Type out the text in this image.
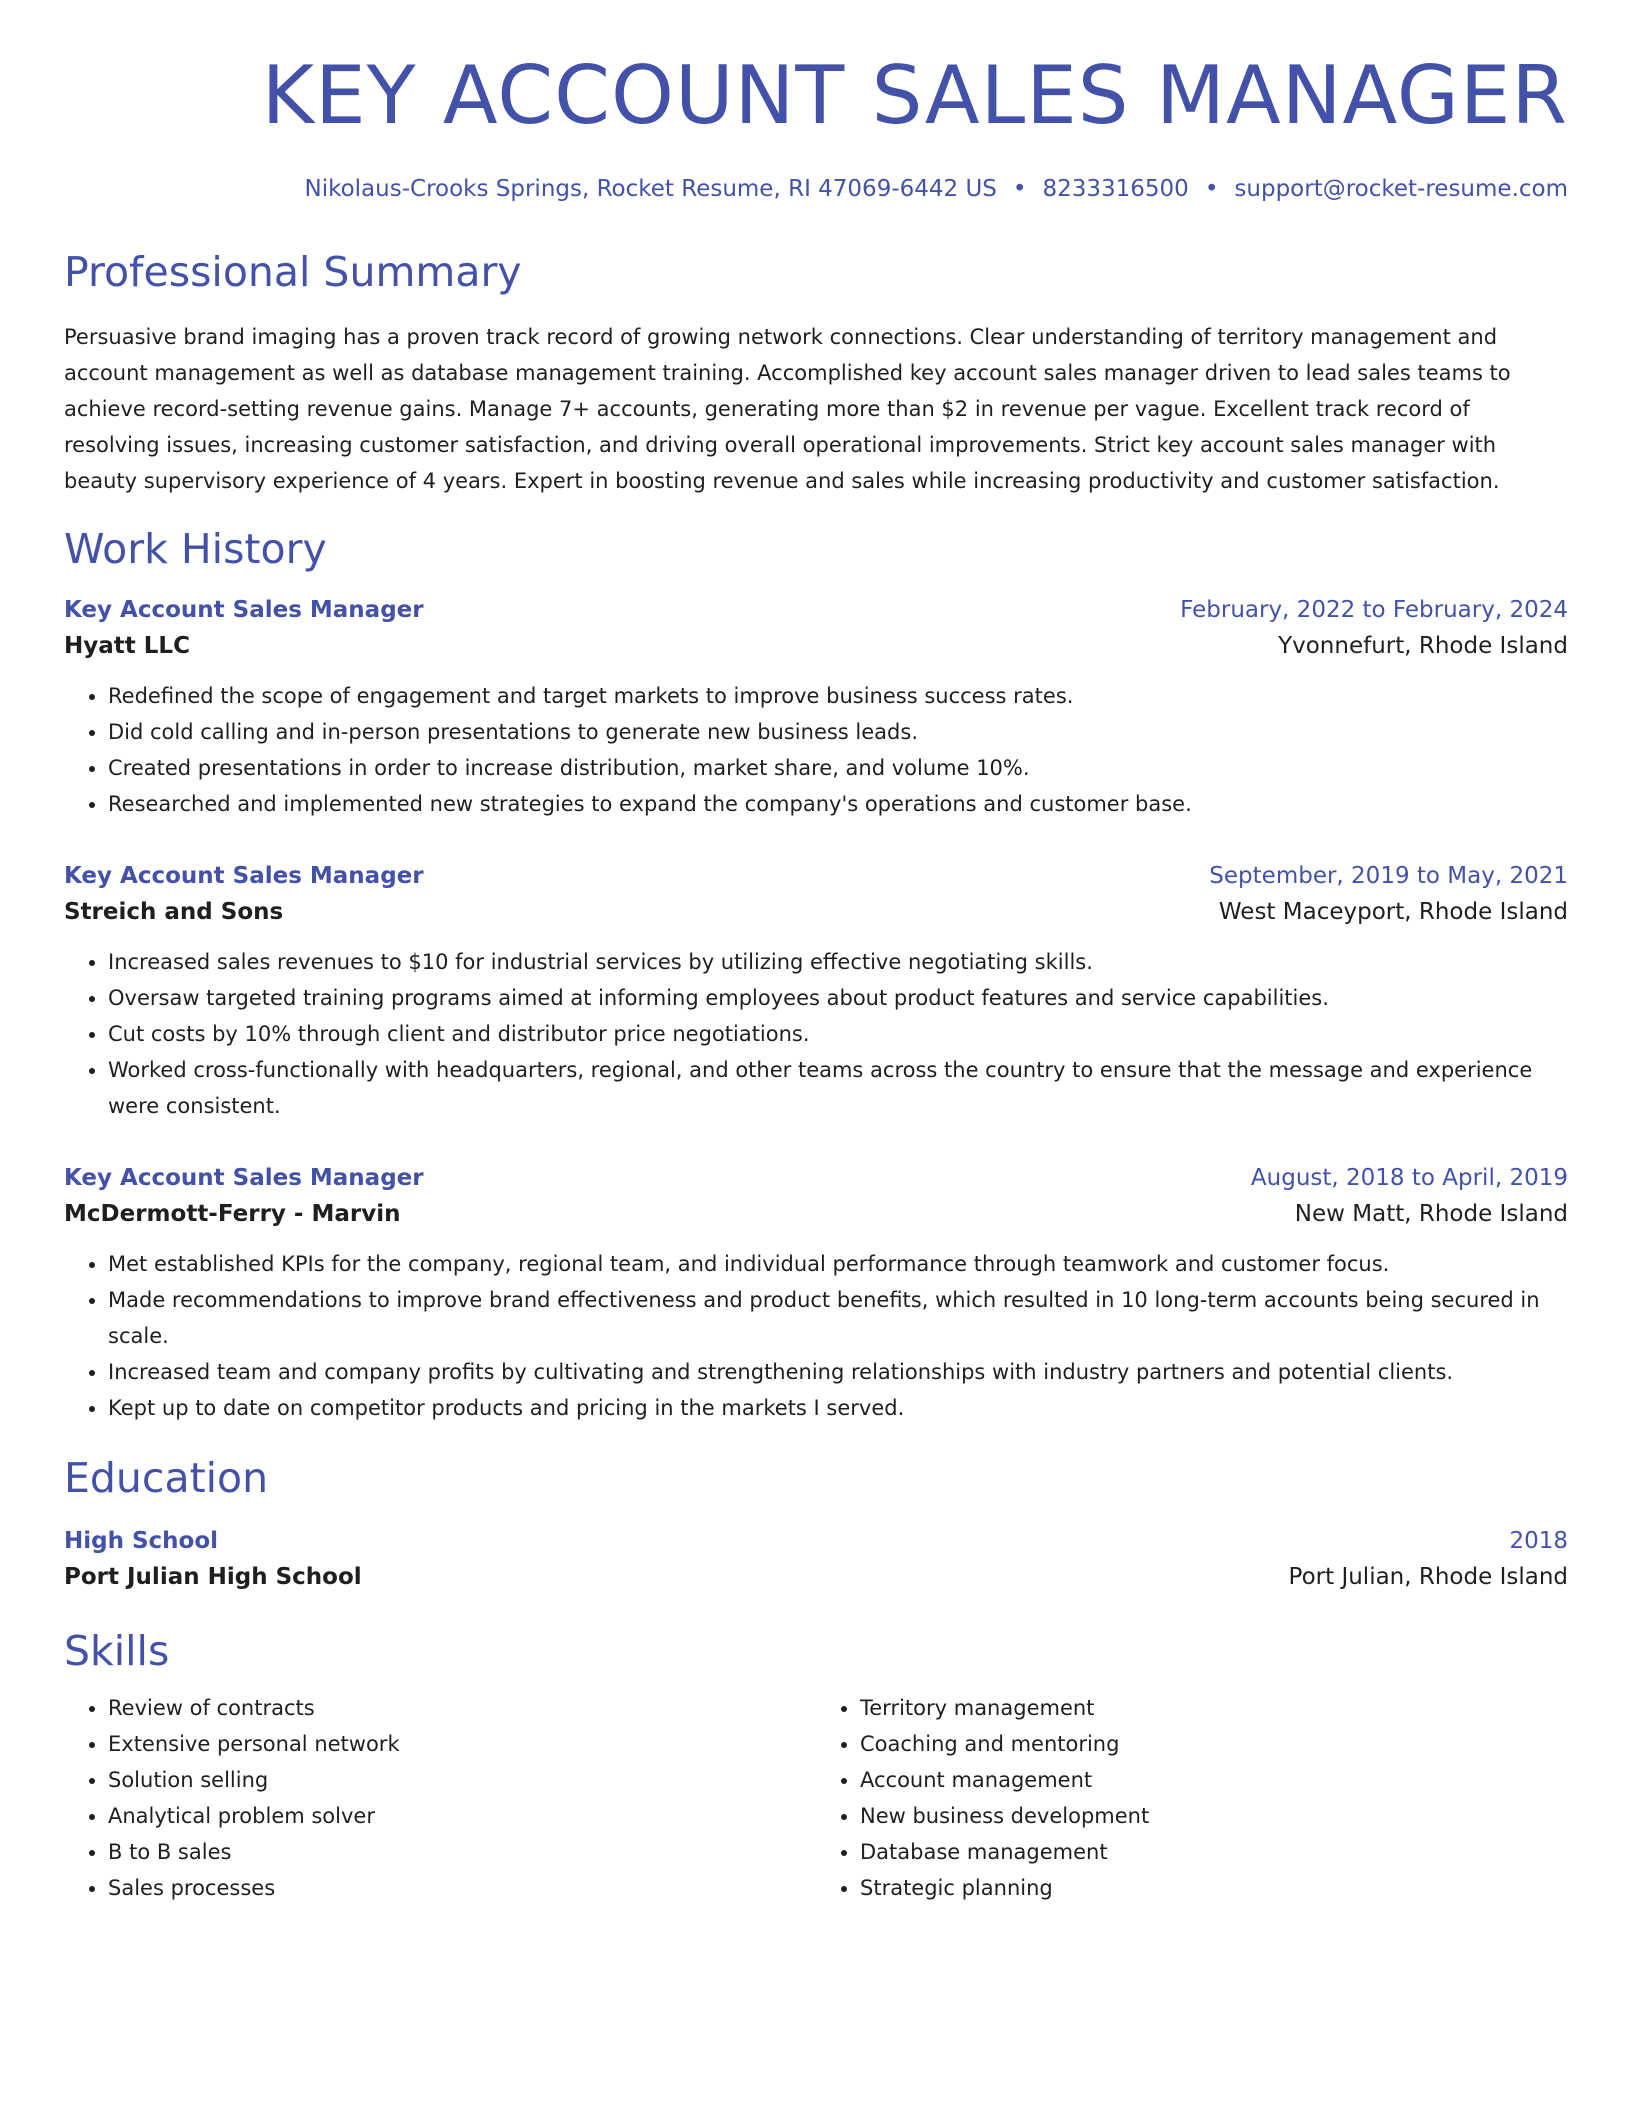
KEY ACCOUNT SALES MANAGER
Nikolaus-Crooks Springs, Rocket Resume, RI 47069-6442 US • 8233316500 • support@rocket-resume.com
Professional Summary
Persuasive brand imaging has a proven track record of growing network connections. Clear understanding of territory management and account management as well as database management training. Accomplished key account sales manager driven to lead sales teams to achieve record-setting revenue gains. Manage 7+ accounts, generating more than $2 in revenue per vague. Excellent track record of resolving issues, increasing customer satisfaction, and driving overall operational improvements. Strict key account sales manager with beauty supervisory experience of 4 years. Expert in boosting revenue and sales while increasing productivity and customer satisfaction.
Work History
Key Account Sales Manager	February, 2022 to February, 2024
Hyatt LLC	Yvonnefurt, Rhode Island
• Redefined the scope of engagement and target markets to improve business success rates.
• Did cold calling and in-person presentations to generate new business leads.
• Created presentations in order to increase distribution, market share, and volume 10%.
• Researched and implemented new strategies to expand the company's operations and customer base.
Key Account Sales Manager	September, 2019 to May, 2021
Streich and Sons	West Maceyport, Rhode Island
• Increased sales revenues to $10 for industrial services by utilizing effective negotiating skills.
• Oversaw targeted training programs aimed at informing employees about product features and service capabilities.
• Cut costs by 10% through client and distributor price negotiations.
• Worked cross-functionally with headquarters, regional, and other teams across the country to ensure that the message and experience were consistent.
Key Account Sales Manager	August, 2018 to April, 2019
McDermott-Ferry - Marvin	New Matt, Rhode Island
• Met established KPIs for the company, regional team, and individual performance through teamwork and customer focus.
• Made recommendations to improve brand effectiveness and product benefits, which resulted in 10 long-term accounts being secured in scale.
• Increased team and company profits by cultivating and strengthening relationships with industry partners and potential clients.
• Kept up to date on competitor products and pricing in the markets I served.
Education
High School	2018
Port Julian High School	Port Julian, Rhode Island
Skills
• Review of contracts
• Extensive personal network
• Solution selling
• Analytical problem solver
• B to B sales
• Sales processes
• Territory management
• Coaching and mentoring
• Account management
• New business development
• Database management
• Strategic planning
